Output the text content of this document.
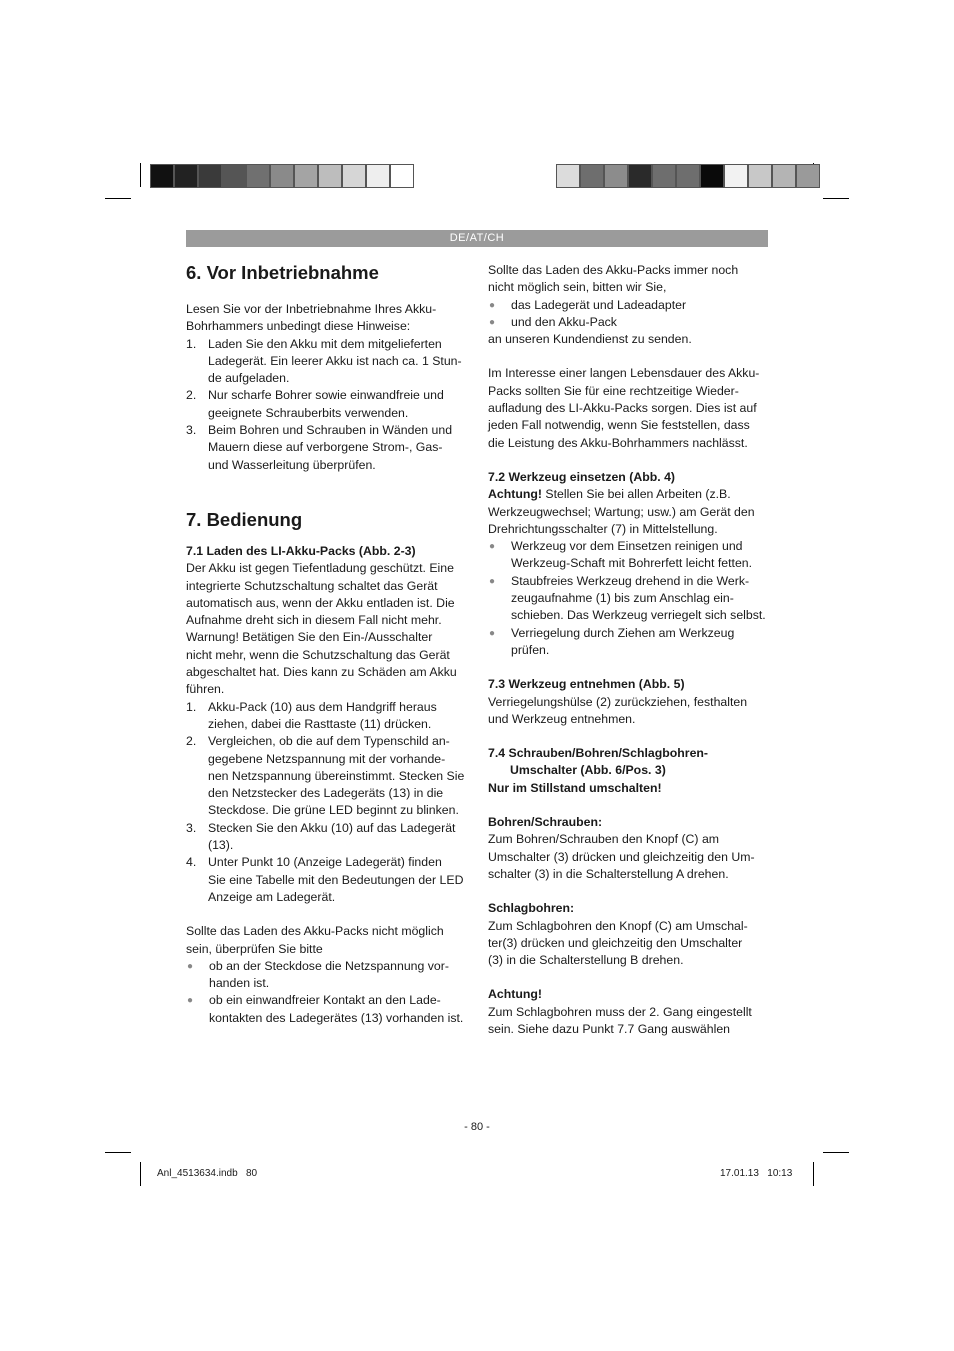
DE/AT/CH
6. Vor Inbetriebnahme

Lesen Sie vor der Inbetriebnahme Ihres Akku-

Bohrhammers unbedingt diese Hinweise:

1. Laden Sie den Akku mit dem mitgelieferten

Ladegerät. Ein leerer Akku ist nach ca. 1 Stun-

de aufgeladen.

2. Nur scharfe Bohrer sowie einwandfreie und

geeignete Schrauberbits verwenden.

3. Beim Bohren und Schrauben in Wänden und

Mauern diese auf verborgene Strom-, Gas-

und Wasserleitung überprüfen.

7. Bedienung
7.1 Laden des LI-Akku-Packs (Abb. 2-3)

Der Akku ist gegen Tiefentladung geschützt. Eine

integrierte Schutzschaltung schaltet das Gerät

automatisch aus, wenn der Akku entladen ist. Die

Aufnahme dreht sich in diesem Fall nicht mehr.

Warnung! Betätigen Sie den Ein-/Ausschalter

nicht mehr, wenn die Schutzschaltung das Gerät

abgeschaltet hat. Dies kann zu Schäden am Akku

führen.

1. Akku-Pack (10) aus dem Handgriff heraus

ziehen, dabei die Rasttaste (11) drücken.

2. Vergleichen, ob die auf dem Typenschild an-

gegebene Netzspannung mit der vorhande-

nen Netzspannung übereinstimmt. Stecken Sie

den Netzstecker des Ladegeräts (13) in die

Steckdose. Die grüne LED beginnt zu blinken.

3. Stecken Sie den Akku (10) auf das Ladegerät

(13).

4. Unter Punkt 10 (Anzeige Ladegerät) finden

Sie eine Tabelle mit den Bedeutungen der LED

Anzeige am Ladegerät.

Sollte das Laden des Akku-Packs nicht möglich

sein, überprüfen Sie bitte

●	ob an der Steckdose die Netzspannung vor-

handen ist.

●	ob ein einwandfreier Kontakt an den Lade-

kontakten des Ladegerätes (13) vorhanden ist.

Sollte das Laden des Akku-Packs immer noch

nicht möglich sein, bitten wir Sie,

●	das Ladegerät und Ladeadapter

●	und den Akku-Pack

an unseren Kundendienst zu senden.

Im Interesse einer langen Lebensdauer des Akku-

Packs sollten Sie für eine rechtzeitige Wieder-

aufladung des LI-Akku-Packs sorgen. Dies ist auf

jeden Fall notwendig, wenn Sie feststellen, dass

die Leistung des Akku-Bohrhammers nachlässt.

7.2 Werkzeug einsetzen (Abb. 4)

Achtung! Stellen Sie bei allen Arbeiten (z.B.

Werkzeugwechsel; Wartung; usw.) am Gerät den

Drehrichtungsschalter (7) in Mittelstellung.

●	Werkzeug vor dem Einsetzen reinigen und

Werkzeug-Schaft mit Bohrerfett leicht fetten.

●	Staubfreies Werkzeug drehend in die Werk-

zeugaufnahme (1) bis zum Anschlag ein-

schieben. Das Werkzeug verriegelt sich selbst.

●	Verriegelung durch Ziehen am Werkzeug

prüfen.

7.3 Werkzeug entnehmen (Abb. 5)

Verriegelungshülse (2) zurückziehen, festhalten

und Werkzeug entnehmen.

7.4 Schrauben/Bohren/Schlagbohren-
Umschalter (Abb. 6/Pos. 3)
Nur im Stillstand umschalten!
Bohren/Schrauben:

Zum Bohren/Schrauben den Knopf (C) am

Umschalter (3) drücken und gleichzeitig den Um-

schalter (3) in die Schalterstellung A drehen.

Schlagbohren:

Zum Schlagbohren den Knopf (C) am Umschal-

ter(3) drücken und gleichzeitig den Umschalter

(3) in die Schalterstellung B drehen.

Achtung!

Zum Schlagbohren muss der 2. Gang eingestellt

sein. Siehe dazu Punkt 7.7 Gang auswählen

- 80 -
Anl_4513634.indb   80	17.01.13   10:13
